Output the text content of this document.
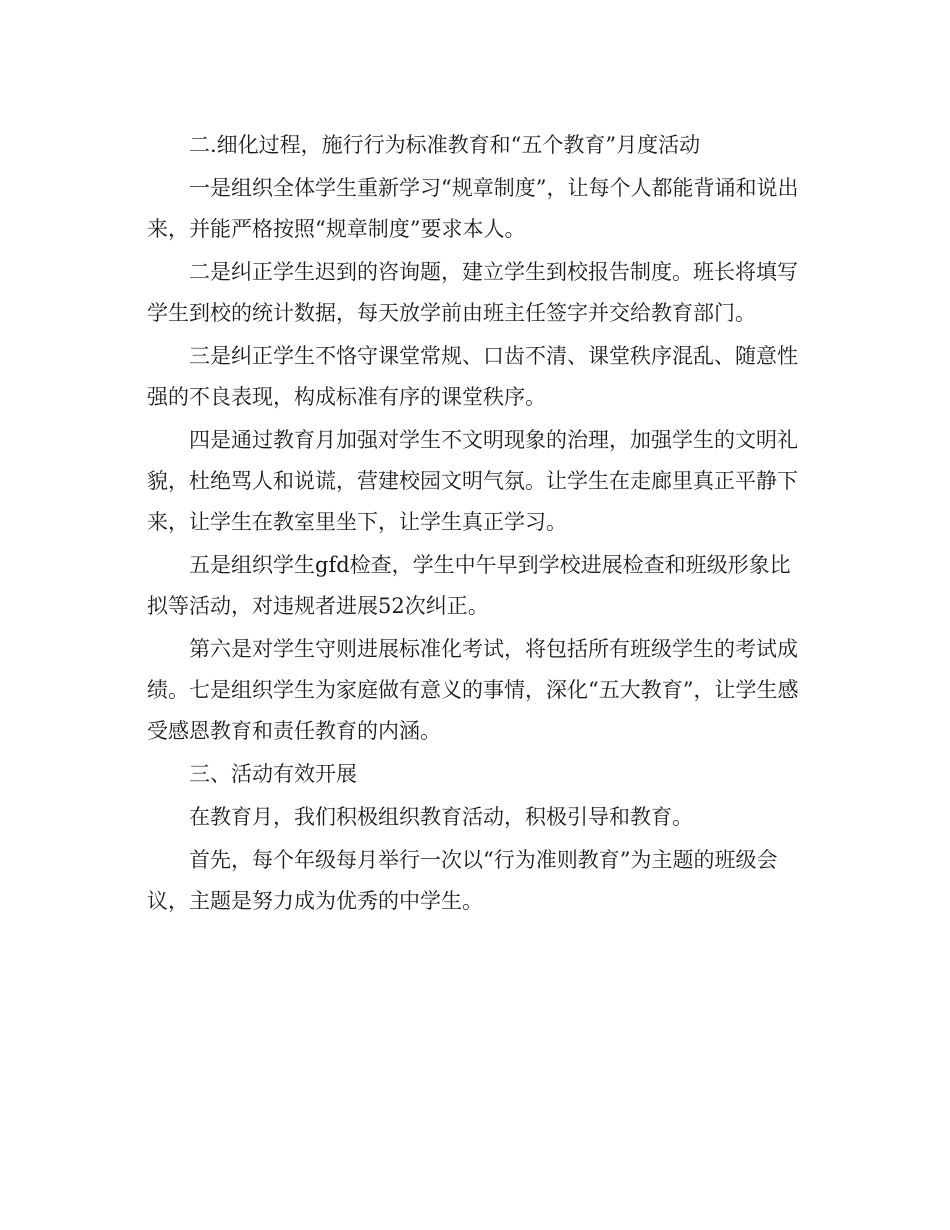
二.细化过程，施行行为标准教育和“五个教育”月度活动

一是组织全体学生重新学习“规章制度”，让每个人都能背诵和说出来，并能严格按照“规章制度”要求本人。

二是纠正学生迟到的咨询题，建立学生到校报告制度。班长将填写学生到校的统计数据，每天放学前由班主任签字并交给教育部门。

三是纠正学生不恪守课堂常规、口齿不清、课堂秩序混乱、随意性强的不良表现，构成标准有序的课堂秩序。

四是通过教育月加强对学生不文明现象的治理，加强学生的文明礼貌，杜绝骂人和说谎，营建校园文明气氛。让学生在走廊里真正平静下来，让学生在教室里坐下，让学生真正学习。

五是组织学生gfd检查，学生中午早到学校进展检查和班级形象比拟等活动，对违规者进展52次纠正。

第六是对学生守则进展标准化考试，将包括所有班级学生的考试成绩。七是组织学生为家庭做有意义的事情，深化“五大教育”，让学生感受感恩教育和责任教育的内涵。

三、活动有效开展

在教育月，我们积极组织教育活动，积极引导和教育。

首先，每个年级每月举行一次以“行为准则教育”为主题的班级会议，主题是努力成为优秀的中学生。
